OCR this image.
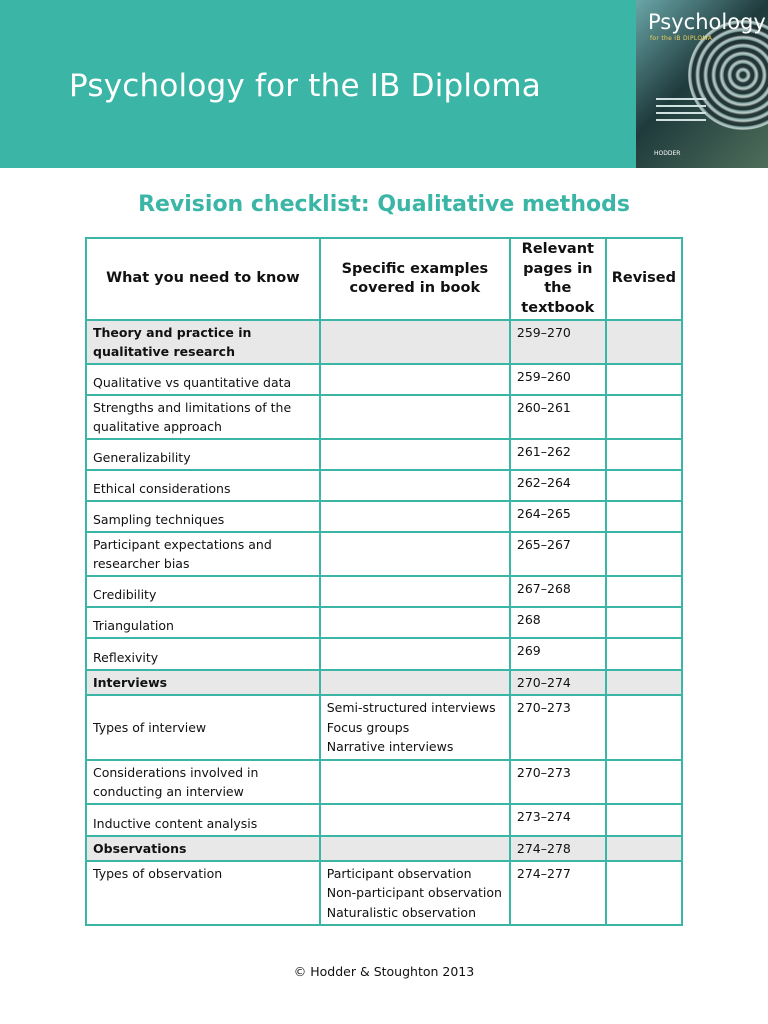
Psychology for the IB Diploma
Psychology
for the IB DIPLOMA
HODDER
Revision checklist: Qualitative methods
What you need to know	Specific examples covered in book	Relevant pages in the textbook	Revised
Theory and practice in qualitative research		259–270	
Qualitative vs quantitative data		259–260	
Strengths and limitations of the qualitative approach		260–261	
Generalizability		261–262	
Ethical considerations		262–264	
Sampling techniques		264–265	
Participant expectations and researcher bias		265–267	
Credibility		267–268	
Triangulation		268	
Reflexivity		269	
Interviews		270–274	
Types of interview	Semi-structured interviews
Focus groups
Narrative interviews	270–273	
Considerations involved in conducting an interview		270–273	
Inductive content analysis		273–274	
Observations		274–278	
Types of observation	Participant observation
Non-participant observation
Naturalistic observation	274–277	
© Hodder & Stoughton 2013
